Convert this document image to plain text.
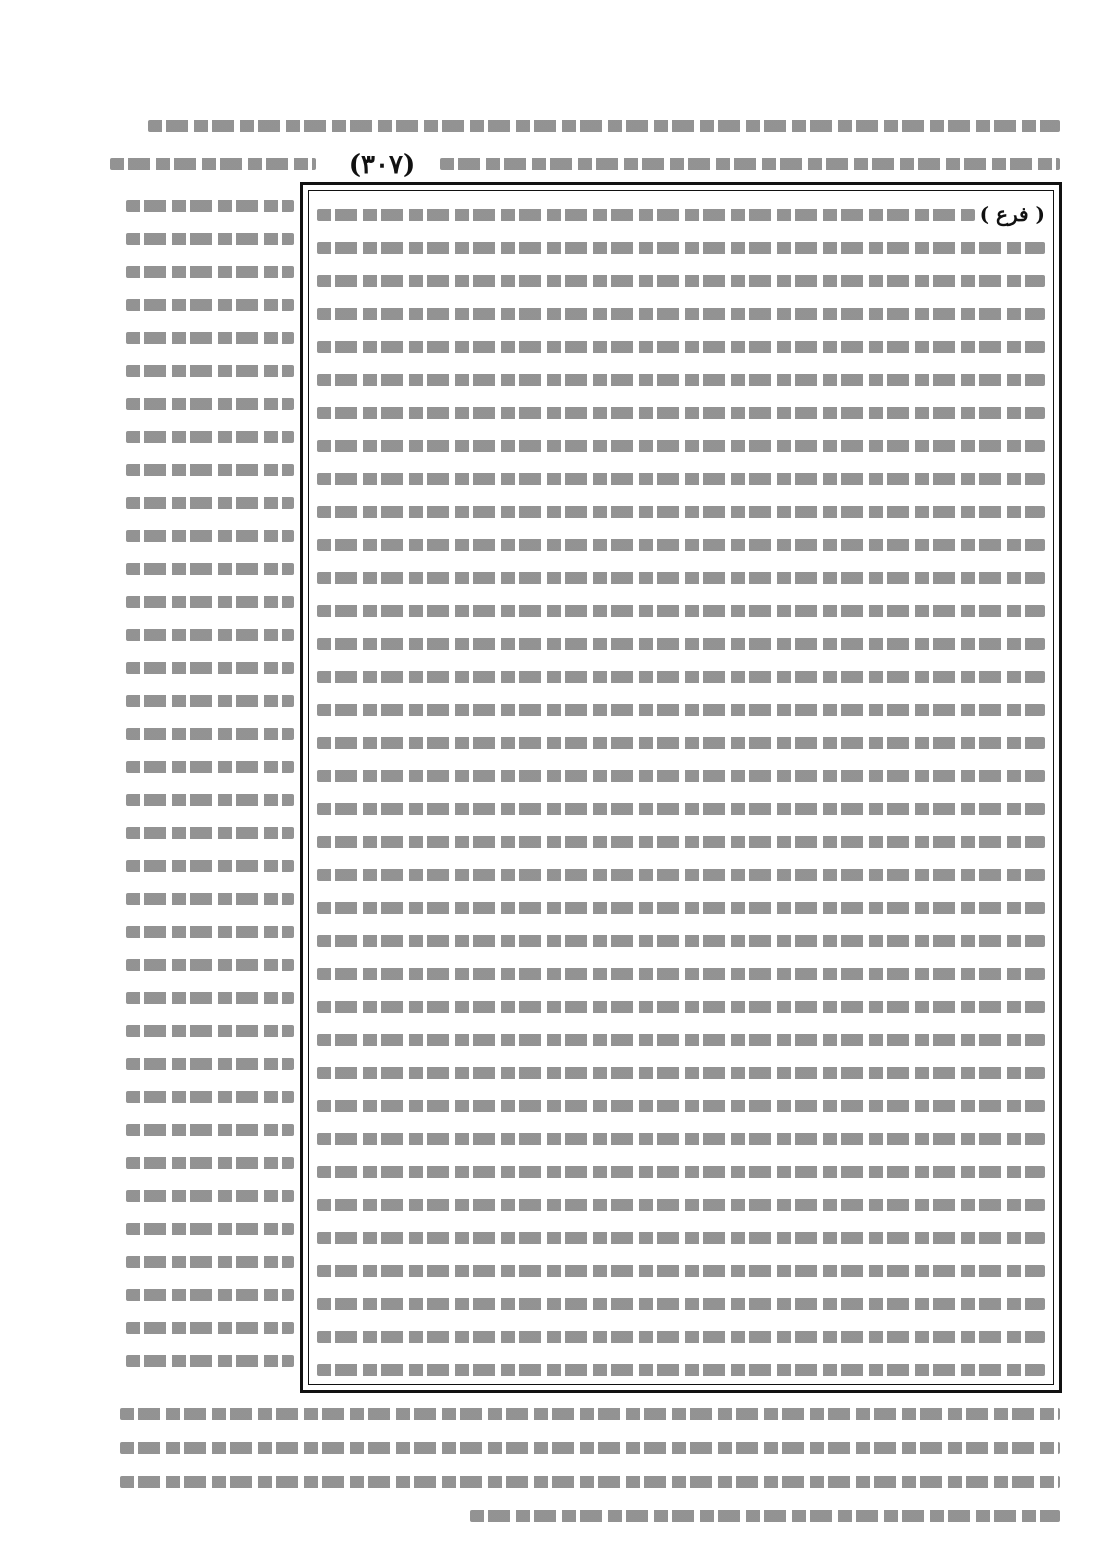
(٣٠٧)
( فرع )
